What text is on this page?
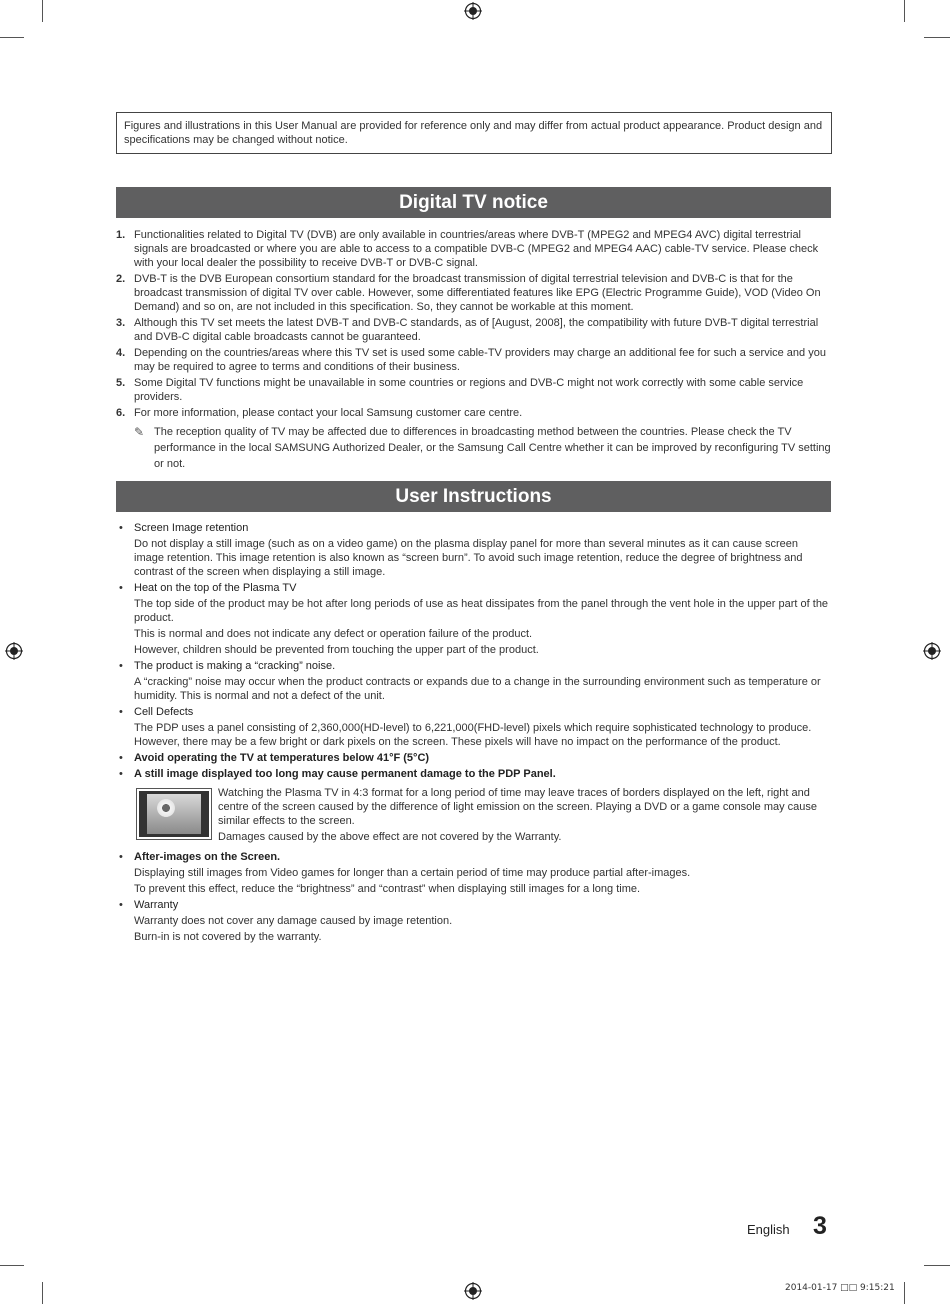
Figures and illustrations in this User Manual are provided for reference only and may differ from actual product appearance. Product design and specifications may be changed without notice.
Digital TV notice
1. Functionalities related to Digital TV (DVB) are only available in countries/areas where DVB-T (MPEG2 and MPEG4 AVC) digital terrestrial signals are broadcasted or where you are able to access to a compatible DVB-C (MPEG2 and MPEG4 AAC) cable-TV service. Please check with your local dealer the possibility to receive DVB-T or DVB-C signal.
2. DVB-T is the DVB European consortium standard for the broadcast transmission of digital terrestrial television and DVB-C is that for the broadcast transmission of digital TV over cable. However, some differentiated features like EPG (Electric Programme Guide), VOD (Video On Demand) and so on, are not included in this specification. So, they cannot be workable at this moment.
3. Although this TV set meets the latest DVB-T and DVB-C standards, as of [August, 2008], the compatibility with future DVB-T digital terrestrial and DVB-C digital cable broadcasts cannot be guaranteed.
4. Depending on the countries/areas where this TV set is used some cable-TV providers may charge an additional fee for such a service and you may be required to agree to terms and conditions of their business.
5. Some Digital TV functions might be unavailable in some countries or regions and DVB-C might not work correctly with some cable service providers.
6. For more information, please contact your local Samsung customer care centre.
✎ The reception quality of TV may be affected due to differences in broadcasting method between the countries. Please check the TV performance in the local SAMSUNG Authorized Dealer, or the Samsung Call Centre whether it can be improved by reconfiguring TV setting or not.
User Instructions
• Screen Image retention
Do not display a still image (such as on a video game) on the plasma display panel for more than several minutes as it can cause screen image retention. This image retention is also known as “screen burn”. To avoid such image retention, reduce the degree of brightness and contrast of the screen when displaying a still image.
• Heat on the top of the Plasma TV
The top side of the product may be hot after long periods of use as heat dissipates from the panel through the vent hole in the upper part of the product.
This is normal and does not indicate any defect or operation failure of the product.
However, children should be prevented from touching the upper part of the product.
• The product is making a “cracking” noise.
A “cracking” noise may occur when the product contracts or expands due to a change in the surrounding environment such as temperature or humidity. This is normal and not a defect of the unit.
• Cell Defects
The PDP uses a panel consisting of 2,360,000(HD-level) to 6,221,000(FHD-level) pixels which require sophisticated technology to produce. However, there may be a few bright or dark pixels on the screen. These pixels will have no impact on the performance of the product.
• Avoid operating the TV at temperatures below 41°F (5°C)
• A still image displayed too long may cause permanent damage to the PDP Panel.
Watching the Plasma TV in 4:3 format for a long period of time may leave traces of borders displayed on the left, right and centre of the screen caused by the difference of light emission on the screen. Playing a DVD or a game console may cause similar effects to the screen.
Damages caused by the above effect are not covered by the Warranty.
• After-images on the Screen.
Displaying still images from Video games for longer than a certain period of time may produce partial after-images.
To prevent this effect, reduce the “brightness” and “contrast” when displaying still images for a long time.
• Warranty
Warranty does not cover any damage caused by image retention.
Burn-in is not covered by the warranty.
English 3
2014-01-17 □□ 9:15:21
